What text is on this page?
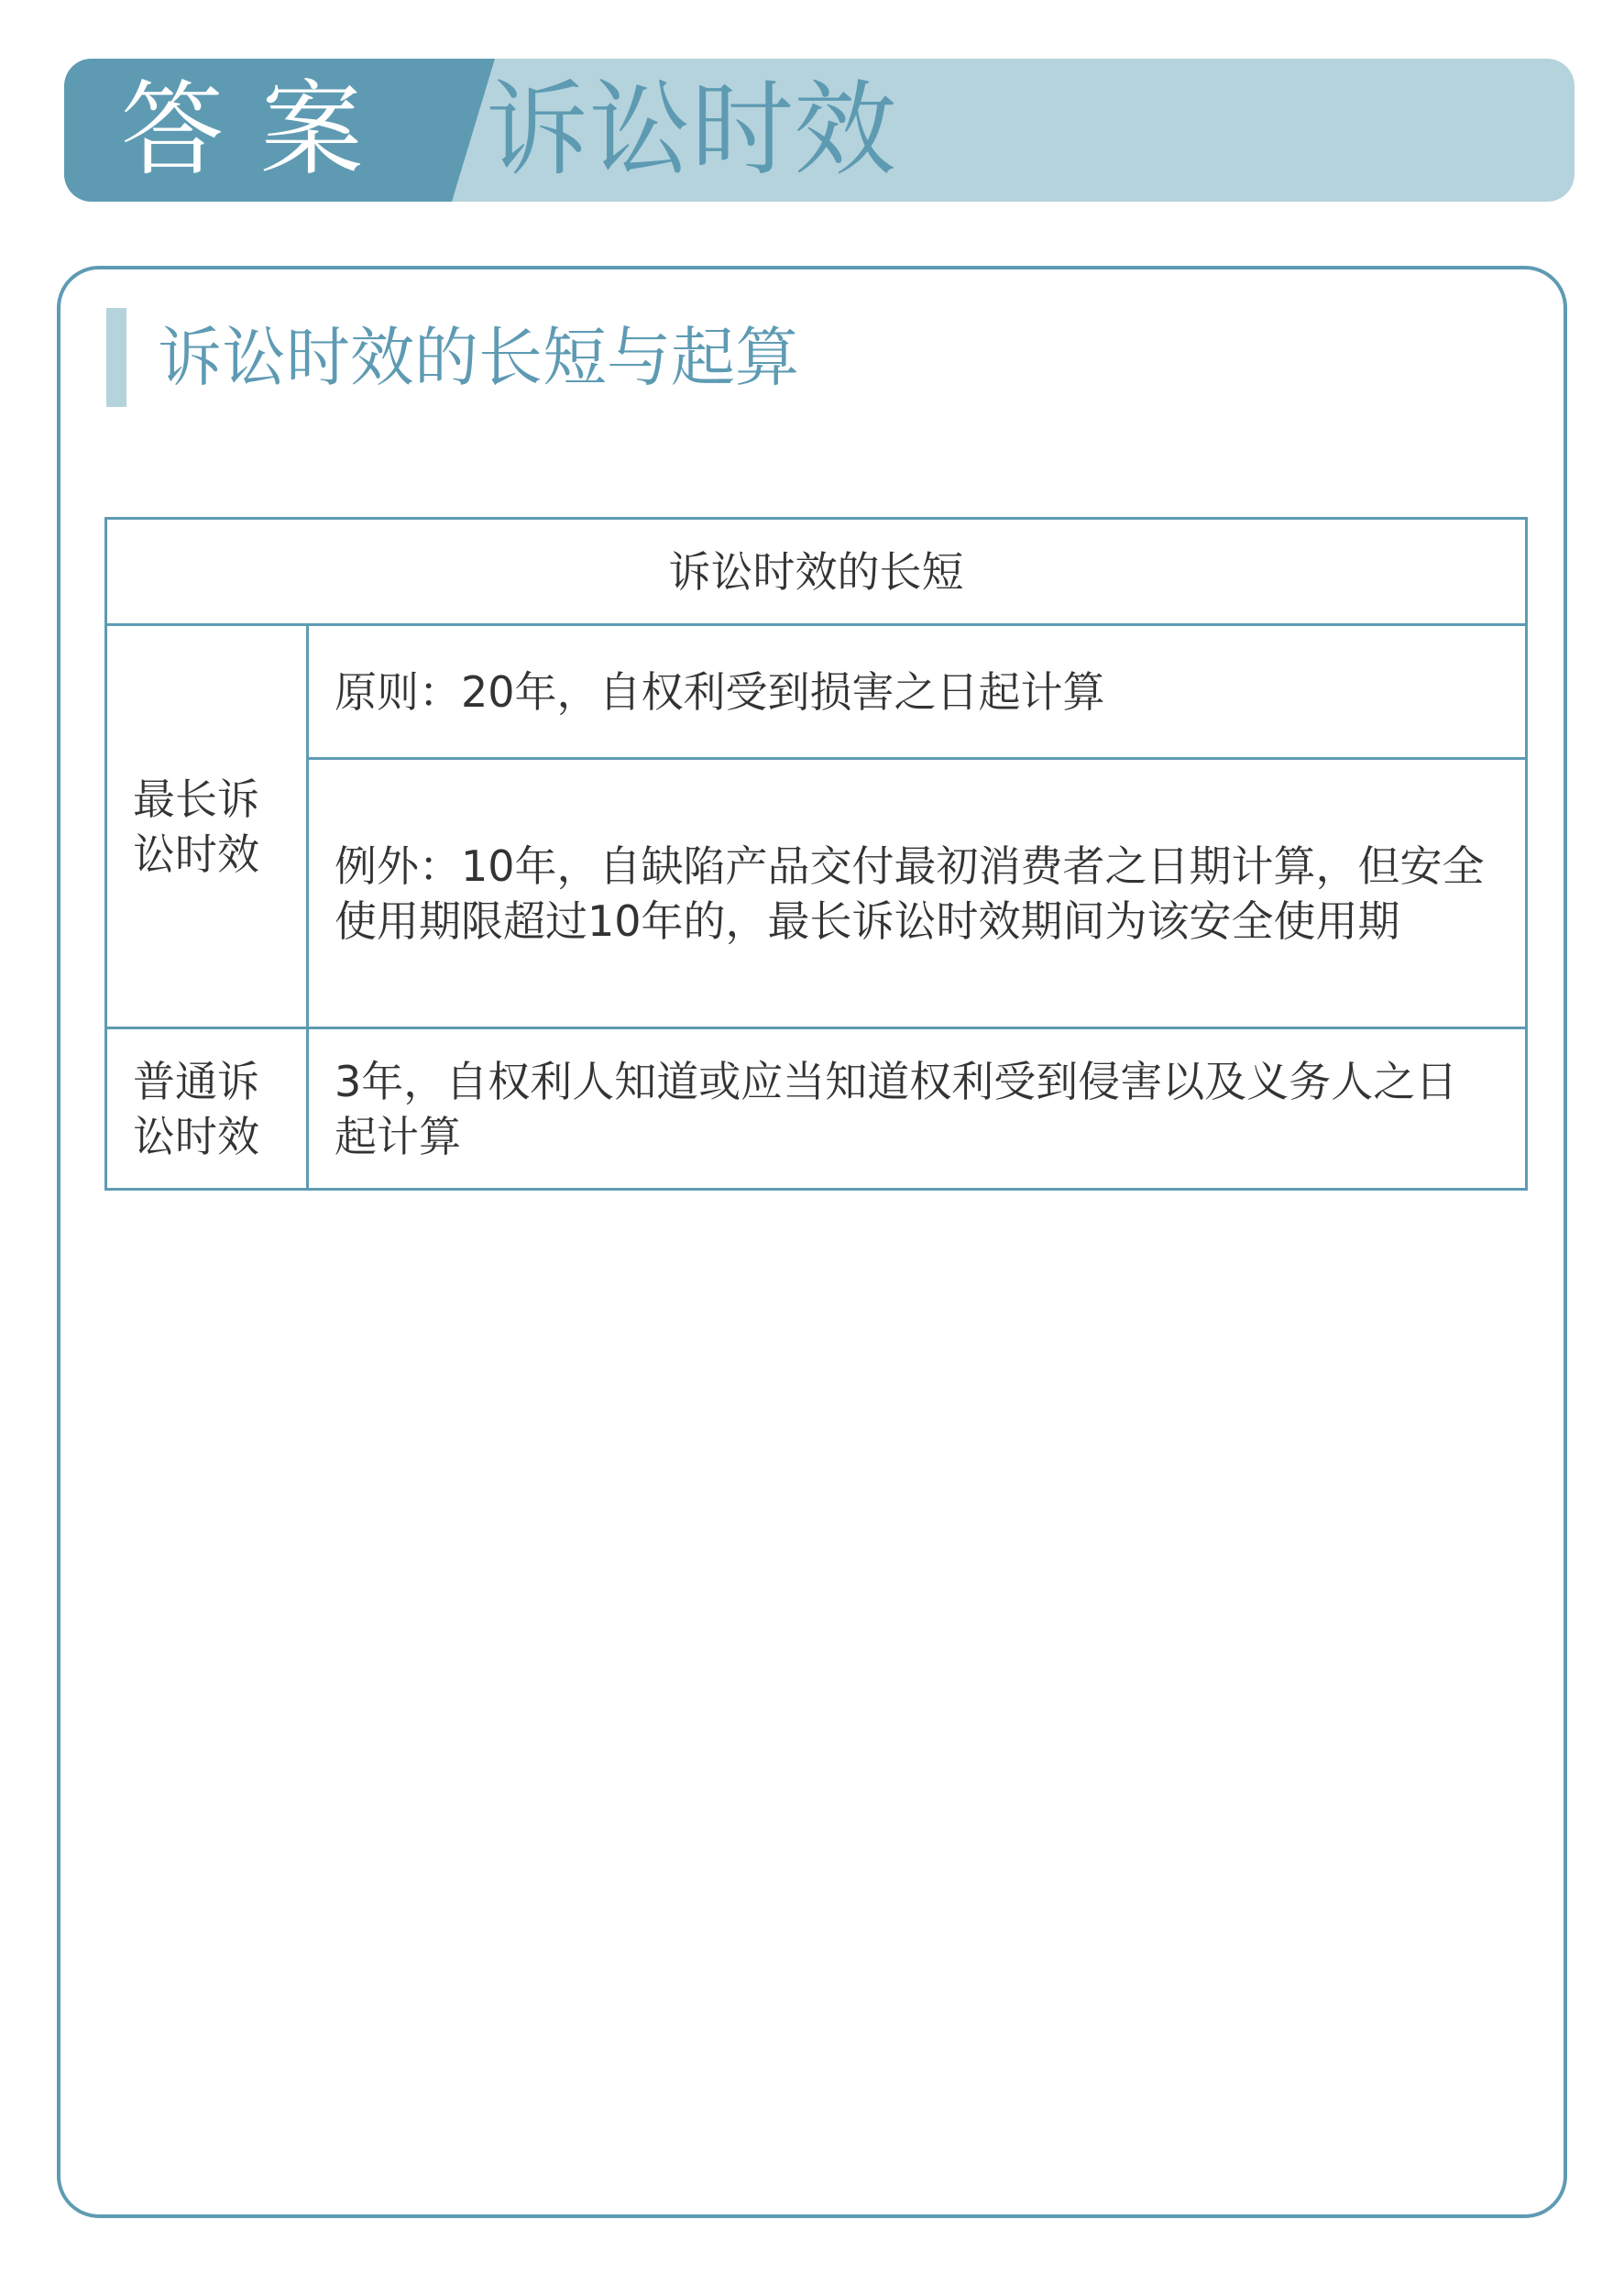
答案 诉讼时效
诉讼时效的长短与起算
诉讼时效的长短	
最长诉讼时效	原则：20年，自权利受到损害之日起计算
	例外：10年，自缺陷产品交付最初消费者之日期计算，但安全使用期限超过10年的，最长诉讼时效期间为该安全使用期
普通诉讼时效	3年，自权利人知道或应当知道权利受到侵害以及义务人之日起计算
